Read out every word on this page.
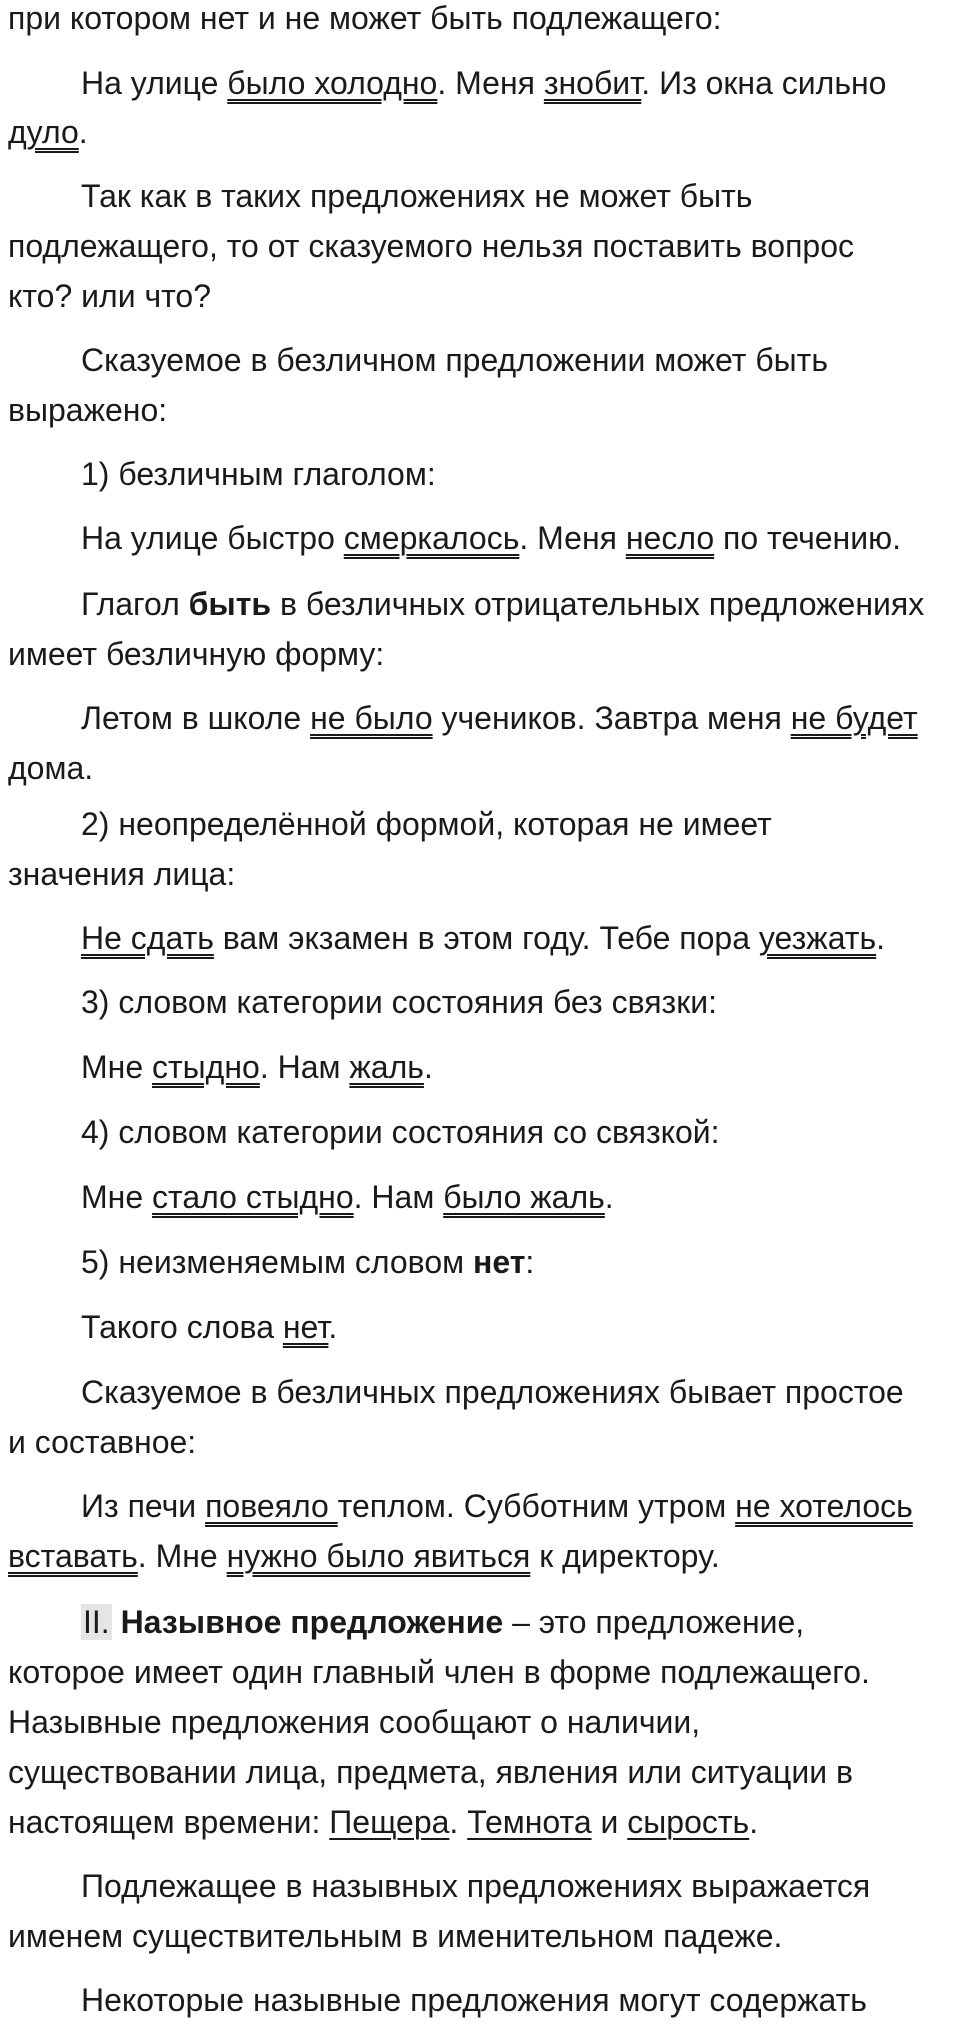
при котором нет и не может быть подлежащего:
На улице было холодно. Меня знобит. Из окна сильно
дуло.
Так как в таких предложениях не может быть
подлежащего, то от сказуемого нельзя поставить вопрос
кто? или что?
Сказуемое в безличном предложении может быть
выражено:
1) безличным глаголом:
На улице быстро смеркалось. Меня несло по течению.
Глагол быть в безличных отрицательных предложениях
имеет безличную форму:
Летом в школе не было учеников. Завтра меня не будет
дома.
2) неопределённой формой, которая не имеет
значения лица:
Не сдать вам экзамен в этом году. Тебе пора уезжать.
3) словом категории состояния без связки:
Мне стыдно. Нам жаль.
4) словом категории состояния со связкой:
Мне стало стыдно. Нам было жаль.
5) неизменяемым словом нет:
Такого слова нет.
Сказуемое в безличных предложениях бывает простое
и составное:
Из печи повеяло теплом. Субботним утром не хотелось
вставать. Мне нужно было явиться к директору.
II. Назывное предложение – это предложение,
которое имеет один главный член в форме подлежащего.
Назывные предложения сообщают о наличии,
существовании лица, предмета, явления или ситуации в
настоящем времени: Пещера. Темнота и сырость.
Подлежащее в назывных предложениях выражается
именем существительным в именительном падеже.
Некоторые назывные предложения могут содержать
